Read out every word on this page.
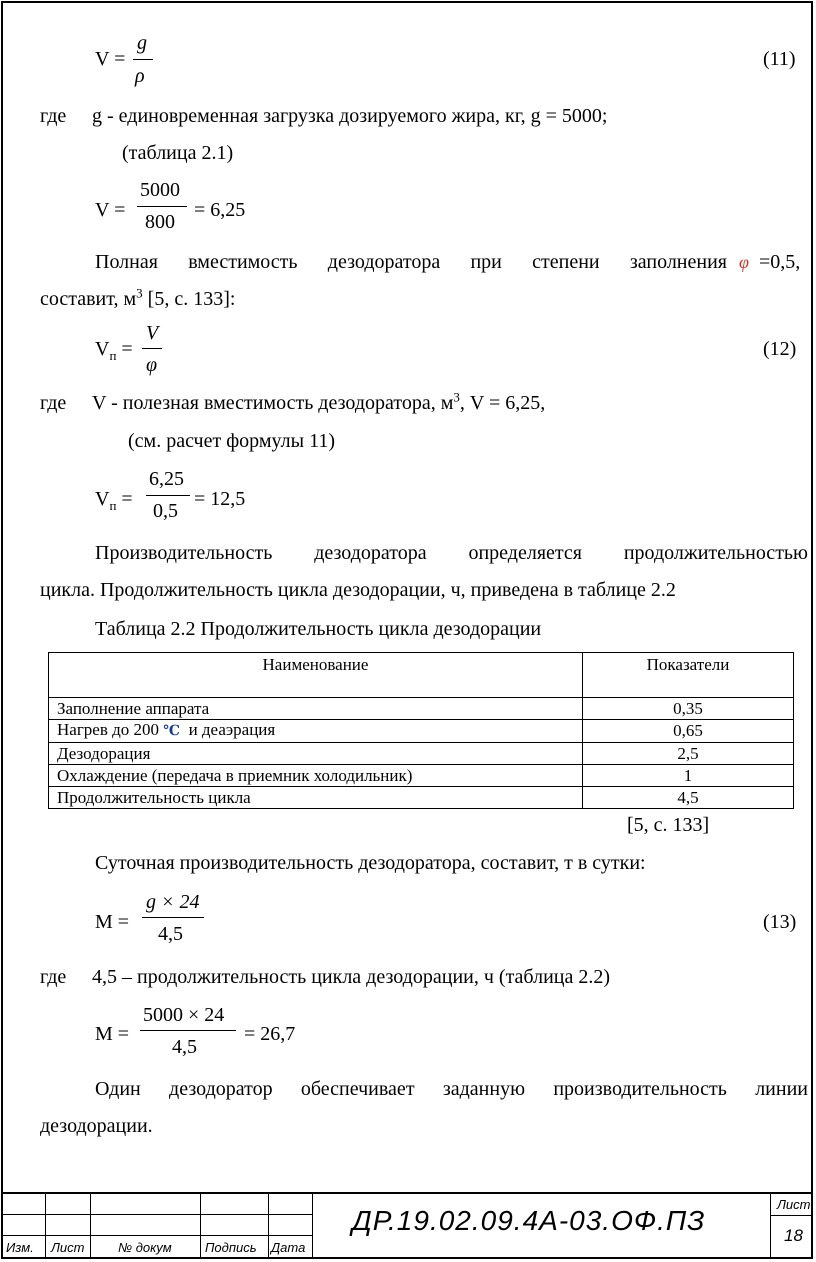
V =
g
ρ
(11)
где g - единовременная загрузка дозируемого жира, кг, g = 5000;
(таблица 2.1)
V =
5000
800
= 6,25
Полная вместимость дезодоратора при степени заполнения φ =0,5,
составит, $м^3$ [5, с. 133]:
$V_п$ =
V
φ
(12)
где V - полезная вместимость дезодоратора, $м^3$, V = 6,25,
(см. расчет формулы 11)
$V_п$ =
6,25
0,5
= 12,5
Производительность дезодоратора определяется продолжительностью
цикла. Продолжительность цикла дезодорации, ч, приведена в таблице 2.2
Таблица 2.2 Продолжительность цикла дезодорации
Наименование	Показатели
Заполнение аппарата	0,35
Нагрев до 200 ℃  и деаэрация	0,65
Дезодорация	2,5
Охлаждение (передача в приемник холодильник)	1
Продолжительность цикла	4,5
[5, с. 133]
Суточная производительность дезодоратора, составит, т в сутки:
M =
g × 24
4,5
(13)
где 4,5 – продолжительность цикла дезодорации, ч (таблица 2.2)
M =
5000 × 24
4,5
= 26,7
Один дезодоратор обеспечивает заданную производительность линии
дезодорации.
Изм. Лист	№ докум	Подпись Дата
Лист
18
ДР.19.02.09.4А-03.ОФ.ПЗ
